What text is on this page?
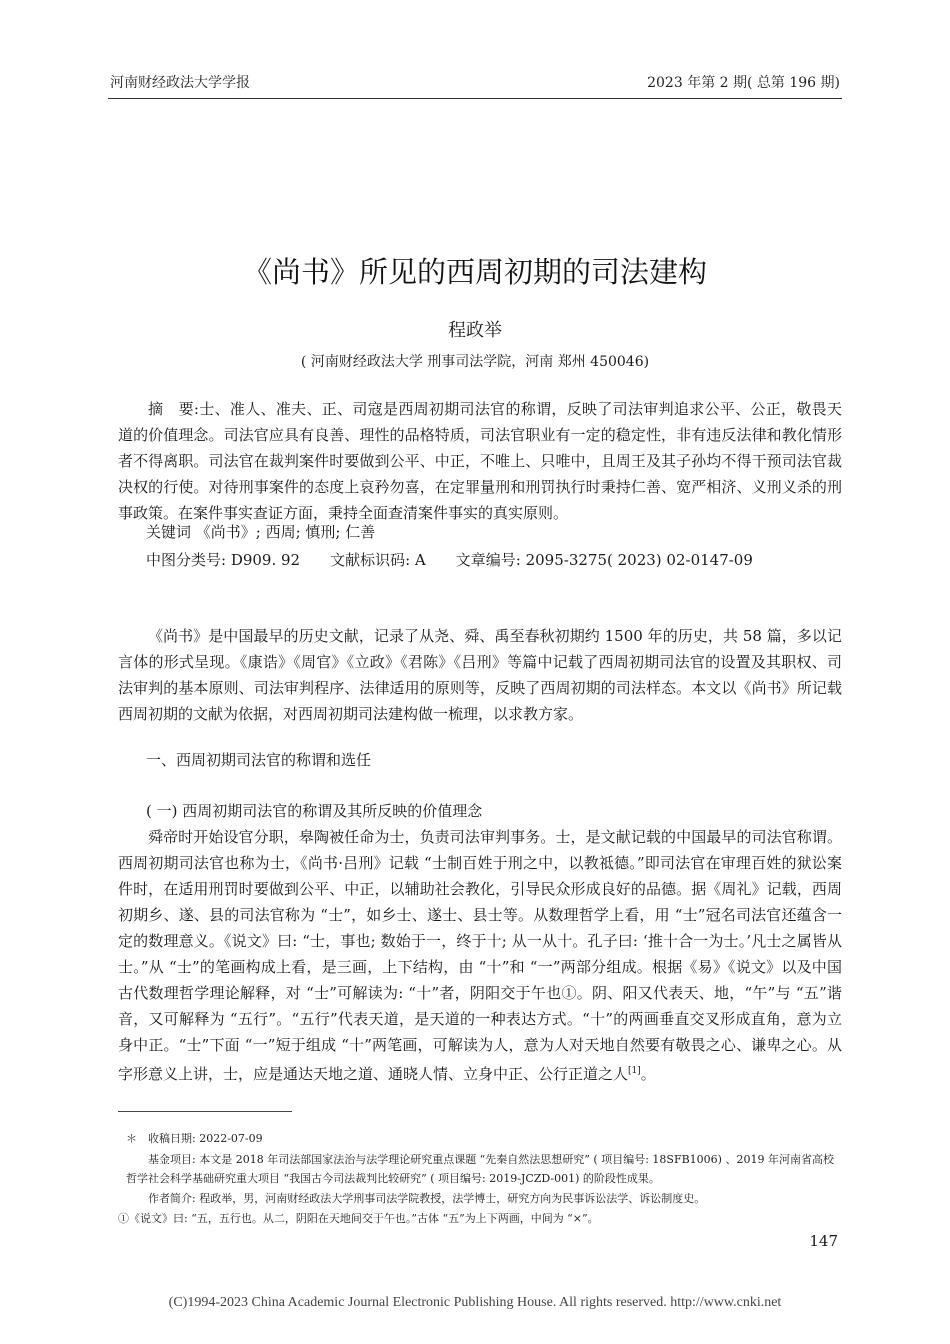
河南财经政法大学学报	2023 年第 2 期( 总第 196 期)
《尚书》所见的西周初期的司法建构
程政举
( 河南财经政法大学 刑事司法学院，河南 郑州 450046)
摘　要:士、准人、准夫、正、司寇是西周初期司法官的称谓，反映了司法审判追求公平、公正，敬畏天道的价值理念。司法官应具有良善、理性的品格特质，司法官职业有一定的稳定性，非有违反法律和教化情形者不得离职。司法官在裁判案件时要做到公平、中正，不唯上、只唯中，且周王及其子孙均不得干预司法官裁决权的行使。对待刑事案件的态度上哀矜勿喜，在定罪量刑和刑罚执行时秉持仁善、宽严相济、义刑义杀的刑事政策。在案件事实查证方面，秉持全面查清案件事实的真实原则。
关键词 《尚书》; 西周; 慎刑; 仁善
中图分类号: D909. 92　　文献标识码: A　　文章编号: 2095-3275( 2023) 02-0147-09
《尚书》是中国最早的历史文献，记录了从尧、舜、禹至春秋初期约 1500 年的历史，共 58 篇，多以记言体的形式呈现。《康诰》《周官》《立政》《君陈》《吕刑》等篇中记载了西周初期司法官的设置及其职权、司法审判的基本原则、司法审判程序、法律适用的原则等，反映了西周初期的司法样态。本文以《尚书》所记载西周初期的文献为依据，对西周初期司法建构做一梳理，以求教方家。
一、西周初期司法官的称谓和选任
( 一) 西周初期司法官的称谓及其所反映的价值理念
舜帝时开始设官分职，皋陶被任命为士，负责司法审判事务。士，是文献记载的中国最早的司法官称谓。西周初期司法官也称为士，《尚书·吕刑》记载 “士制百姓于刑之中，以教祗德。”即司法官在审理百姓的狱讼案件时，在适用刑罚时要做到公平、中正，以辅助社会教化，引导民众形成良好的品德。据《周礼》记载，西周初期乡、遂、县的司法官称为 “士”，如乡士、遂士、县士等。从数理哲学上看，用 “士”冠名司法官还蕴含一定的数理意义。《说文》曰: “士，事也; 数始于一，终于十; 从一从十。孔子曰: ‘推十合一为士。’凡士之属皆从士。”从 “士”的笔画构成上看，是三画，上下结构，由 “十”和 “一”两部分组成。根据《易》《说文》以及中国古代数理哲学理论解释，对 “士”可解读为: “十”者，阴阳交于午也①。阴、阳又代表天、地，“午”与 “五”谐音，又可解释为 “五行”。“五行”代表天道，是天道的一种表达方式。“十”的两画垂直交叉形成直角，意为立身中正。“士”下面 “一”短于组成 “十”两笔画，可解读为人，意为人对天地自然要有敬畏之心、谦卑之心。从字形意义上讲，士，应是通达天地之道、通晓人情、立身中正、公行正道之人[1]。
＊　收稿日期: 2022-07-09
基金项目: 本文是 2018 年司法部国家法治与法学理论研究重点课题 “先秦自然法思想研究” ( 项目编号: 18SFB1006) 、2019 年河南省高校哲学社会科学基础研究重大项目 “我国古今司法裁判比较研究” ( 项目编号: 2019-JCZD-001) 的阶段性成果。
作者简介: 程政举，男，河南财经政法大学刑事司法学院教授，法学博士，研究方向为民事诉讼法学、诉讼制度史。
①《说文》曰: “五，五行也。从二，阴阳在天地间交于午也。”古体 “五”为上下两画，中间为 “×”。
147
(C)1994-2023 China Academic Journal Electronic Publishing House. All rights reserved. http://www.cnki.net
